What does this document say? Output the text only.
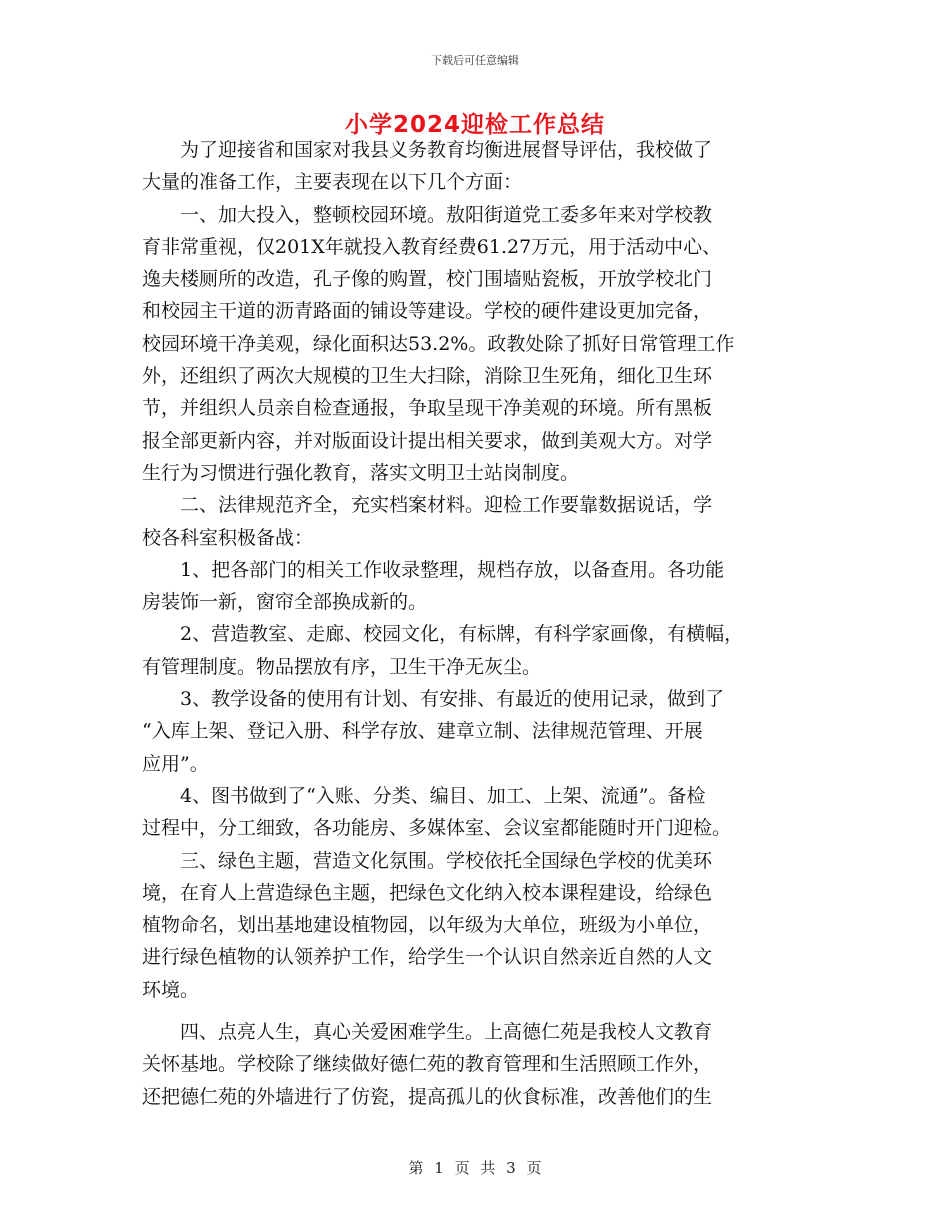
下载后可任意编辑
小学2024迎检工作总结
　　为了迎接省和国家对我县义务教育均衡进展督导评估，我校做了
大量的准备工作，主要表现在以下几个方面：
　　一、加大投入，整顿校园环境。敖阳街道党工委多年来对学校教
育非常重视，仅201X年就投入教育经费61.27万元，用于活动中心、
逸夫楼厕所的改造，孔子像的购置，校门围墙贴瓷板，开放学校北门
和校园主干道的沥青路面的铺设等建设。学校的硬件建设更加完备，
校园环境干净美观，绿化面积达53.2%。政教处除了抓好日常管理工作
外，还组织了两次大规模的卫生大扫除，消除卫生死角，细化卫生环
节，并组织人员亲自检查通报，争取呈现干净美观的环境。所有黑板
报全部更新内容，并对版面设计提出相关要求，做到美观大方。对学
生行为习惯进行强化教育，落实文明卫士站岗制度。
　　二、法律规范齐全，充实档案材料。迎检工作要靠数据说话，学
校各科室积极备战：
　　1、把各部门的相关工作收录整理，规档存放，以备查用。各功能
房装饰一新，窗帘全部换成新的。
　　2、营造教室、走廊、校园文化，有标牌，有科学家画像，有横幅，
有管理制度。物品摆放有序，卫生干净无灰尘。
　　3、教学设备的使用有计划、有安排、有最近的使用记录，做到了
“入库上架、登记入册、科学存放、建章立制、法律规范管理、开展
应用”。
　　4、图书做到了“入账、分类、编目、加工、上架、流通”。备检
过程中，分工细致，各功能房、多媒体室、会议室都能随时开门迎检。
　　三、绿色主题，营造文化氛围。学校依托全国绿色学校的优美环
境，在育人上营造绿色主题，把绿色文化纳入校本课程建设，给绿色
植物命名，划出基地建设植物园，以年级为大单位，班级为小单位，
进行绿色植物的认领养护工作，给学生一个认识自然亲近自然的人文
环境。
　　四、点亮人生，真心关爱困难学生。上高德仁苑是我校人文教育
关怀基地。学校除了继续做好德仁苑的教育管理和生活照顾工作外，
还把德仁苑的外墙进行了仿瓷，提高孤儿的伙食标准，改善他们的生
第 1 页 共 3 页
